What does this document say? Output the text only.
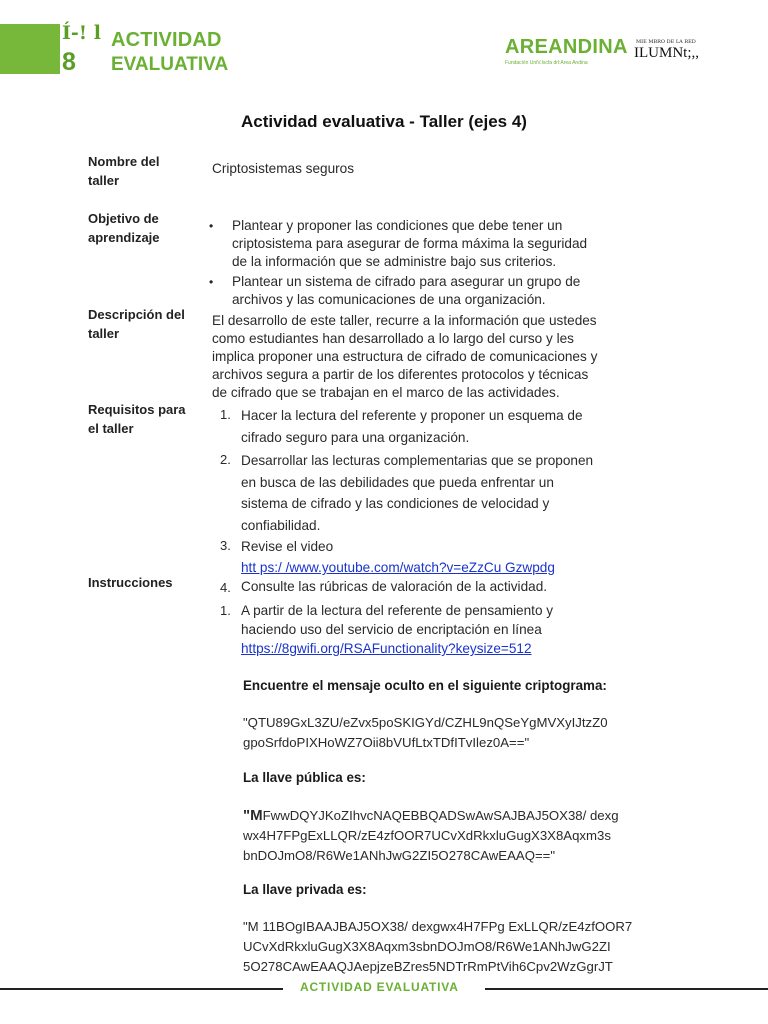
Í-! l
8
ACTIVIDAD
EVALUATIVA
AREANDINA
Fundación UniV.Iscfa drl:Area Andina
MIE MBRO DE LA RED
ILUMNt;,,
Actividad evaluativa - Taller (ejes 4)
Nombre del
taller
Objetivo de
aprendizaje
Descripción del
taller
Requisitos para
el taller
Instrucciones
Criptosistemas seguros
• Plantear y proponer las condiciones que debe tener un
criptosistema para asegurar de forma máxima la seguridad
de la información que se administre bajo sus criterios.
• Plantear un sistema de cifrado para asegurar un grupo de
archivos y las comunicaciones de una organización.
El desarrollo de este taller, recurre a la información que ustedes
como estudiantes han desarrollado a lo largo del curso y les
implica proponer una estructura de cifrado de comunicaciones y
archivos segura a partir de los diferentes protocolos y técnicas
de cifrado que se trabajan en el marco de las actividades.
1. Hacer la lectura del referente y proponer un esquema de
cifrado seguro para una organización.
2. Desarrollar las lecturas complementarias que se proponen
en busca de las debilidades que pueda enfrentar un
sistema de cifrado y las condiciones de velocidad y
confiabilidad.
3. Revise el video
htt ps:/ /www.youtube.com/watch?v=eZzCu Gzwpdg
4. Consulte las rúbricas de valoración de la actividad.
1. A partir de la lectura del referente de pensamiento y
haciendo uso del servicio de encriptación en línea
https://8gwifi.org/RSAFunctionality?keysize=512
Encuentre el mensaje oculto en el siguiente criptograma:
"QTU89GxL3ZU/eZvx5poSKIGYd/CZHL9nQSeYgMVXyIJtzZ0
gpoSrfdoPIXHoWZ7Oii8bVUfLtxTDfITvIlez0A=="
La llave pública es:
"MFwwDQYJKoZIhvcNAQEBBQADSwAwSAJBAJ5OX38/ dexg
wx4H7FPgExLLQR/zE4zfOOR7UCvXdRkxluGugX3X8Aqxm3s
bnDOJmO8/R6We1ANhJwG2ZI5O278CAwEAAQ=="
La llave privada es:
"M 11BOgIBAAJBAJ5OX38/ dexgwx4H7FPg ExLLQR/zE4zfOOR7
UCvXdRkxluGugX3X8Aqxm3sbnDOJmO8/R6We1ANhJwG2ZI
5O278CAwEAAQJAepjzeBZres5NDTrRmPtVih6Cpv2WzGgrJT
ACTIVIDAD EVALUATIVA
